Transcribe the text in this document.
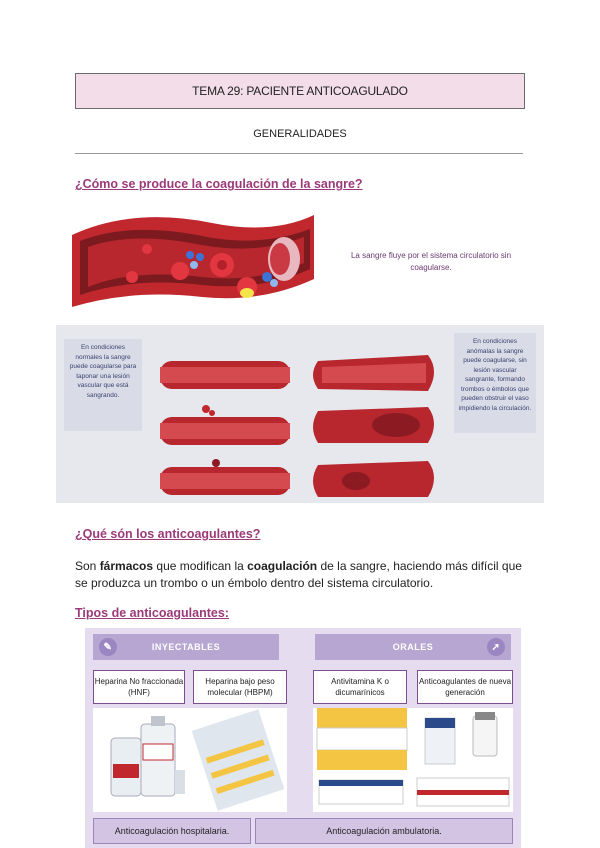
TEMA 29: PACIENTE ANTICOAGULADO
GENERALIDADES
¿Cómo se produce la coagulación de la sangre?
La sangre fluye por el sistema circulatorio sin coagularse.
En condiciones normales la sangre puede coagularse para taponar una lesión vascular que está sangrando.
En condiciones anómalas la sangre puede coagularse, sin lesión vascular sangrante, formando trombos o émbolos que pueden obstruir el vaso impidiendo la circulación.
¿Qué són los anticoagulantes?
Son fármacos que modifican la coagulación de la sangre, haciendo más difícil que se produzca un trombo o un émbolo dentro del sistema circulatorio.
Tipos de anticoagulantes:
✎	INYECTABLES	ORALES	➚
Heparina No fraccionada (HNF)
Heparina bajo peso molecular (HBPM)
Antivitamina K o dicumarínicos
Anticoagulantes de nueva generación
Anticoagulación hospitalaria.	Anticoagulación ambulatoria.
